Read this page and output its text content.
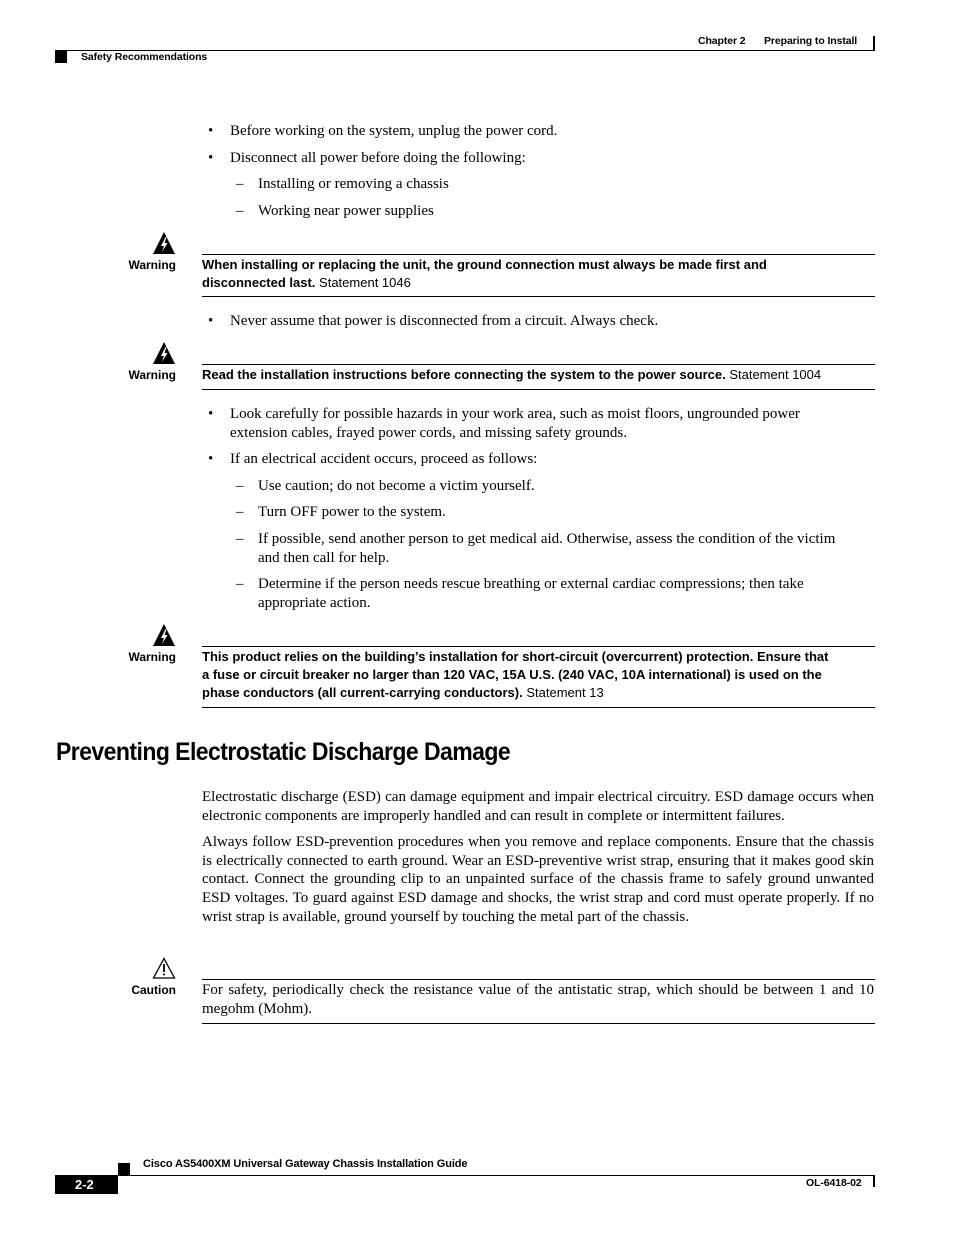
Chapter 2 Preparing to Install
Safety Recommendations
• Before working on the system, unplug the power cord.
• Disconnect all power before doing the following:
– Installing or removing a chassis
– Working near power supplies
Warning When installing or replacing the unit, the ground connection must always be made first and
disconnected last. Statement 1046
• Never assume that power is disconnected from a circuit. Always check.
Warning Read the installation instructions before connecting the system to the power source. Statement 1004
• Look carefully for possible hazards in your work area, such as moist floors, ungrounded power
extension cables, frayed power cords, and missing safety grounds.
• If an electrical accident occurs, proceed as follows:
– Use caution; do not become a victim yourself.
– Turn OFF power to the system.
– If possible, send another person to get medical aid. Otherwise, assess the condition of the victim
and then call for help.
– Determine if the person needs rescue breathing or external cardiac compressions; then take
appropriate action.
Warning This product relies on the building’s installation for short-circuit (overcurrent) protection. Ensure that
a fuse or circuit breaker no larger than 120 VAC, 15A U.S. (240 VAC, 10A international) is used on the
phase conductors (all current-carrying conductors). Statement 13
Preventing Electrostatic Discharge Damage
Electrostatic discharge (ESD) can damage equipment and impair electrical circuitry. ESD damage occurs when electronic components are improperly handled and can result in complete or intermittent failures.
Always follow ESD-prevention procedures when you remove and replace components. Ensure that the chassis is electrically connected to earth ground. Wear an ESD-preventive wrist strap, ensuring that it makes good skin contact. Connect the grounding clip to an unpainted surface of the chassis frame to safely ground unwanted ESD voltages. To guard against ESD damage and shocks, the wrist strap and cord must operate properly. If no wrist strap is available, ground yourself by touching the metal part of the chassis.
Caution For safety, periodically check the resistance value of the antistatic strap, which should be between 1 and 10 megohm (Mohm).
Cisco AS5400XM Universal Gateway Chassis Installation Guide
2-2	OL-6418-02
